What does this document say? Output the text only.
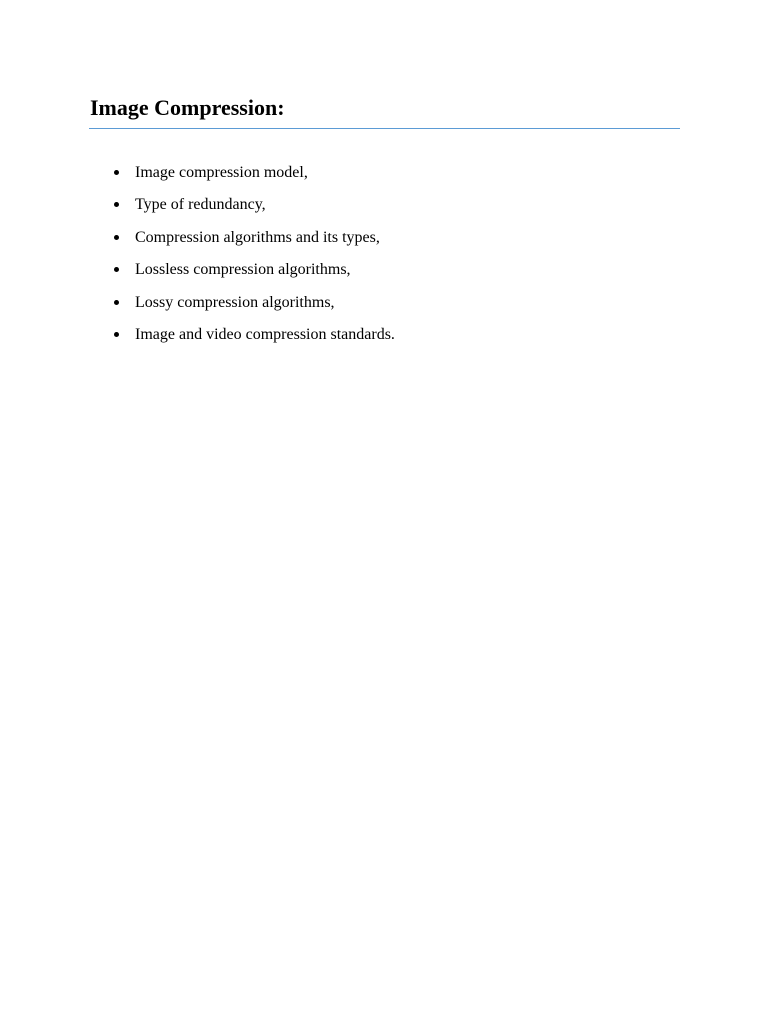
Image Compression:
Image compression model,
Type of redundancy,
Compression algorithms and its types,
Lossless compression algorithms,
Lossy compression algorithms,
Image and video compression standards.
